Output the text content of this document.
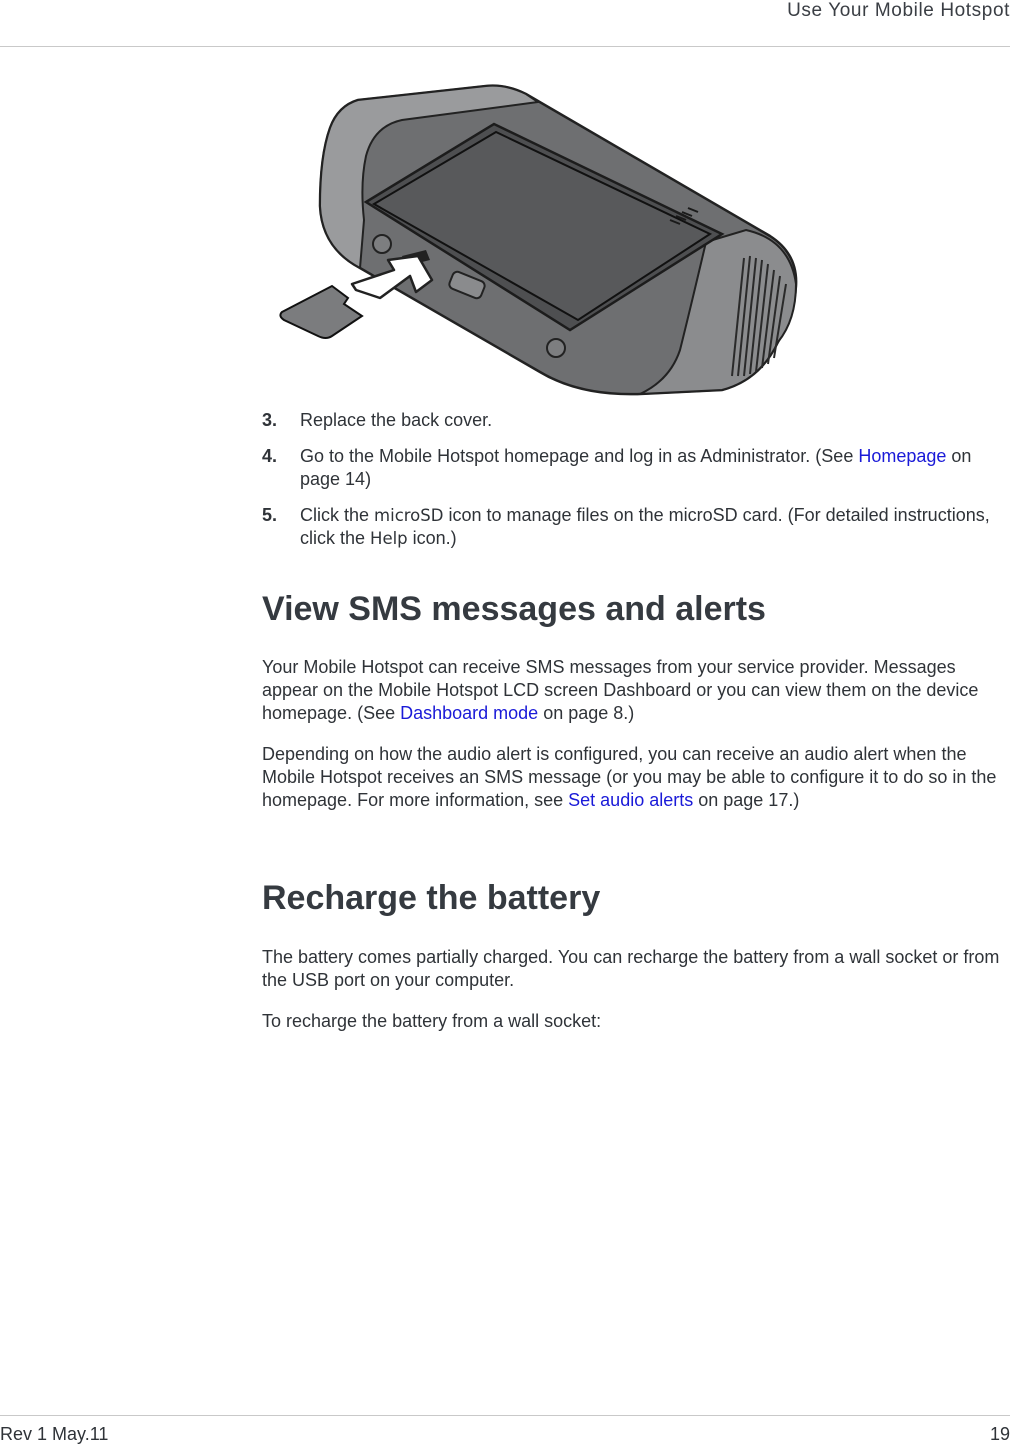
Use Your Mobile Hotspot
3.	Replace the back cover.
4.	Go to the Mobile Hotspot homepage and log in as Administrator. (See Homepage on page 14)
5.	Click the microSD icon to manage files on the microSD card. (For detailed instructions, click the Help icon.)
View SMS messages and alerts

Your Mobile Hotspot can receive SMS messages from your service provider. Messages appear on the Mobile Hotspot LCD screen Dashboard or you can view them on the device homepage. (See Dashboard mode on page 8.)

Depending on how the audio alert is configured, you can receive an audio alert when the Mobile Hotspot receives an SMS message (or you may be able to configure it to do so in the homepage. For more information, see Set audio alerts on page 17.)

Recharge the battery

The battery comes partially charged. You can recharge the battery from a wall socket or from the USB port on your computer.

To recharge the battery from a wall socket:

Rev 1 May.11	19
